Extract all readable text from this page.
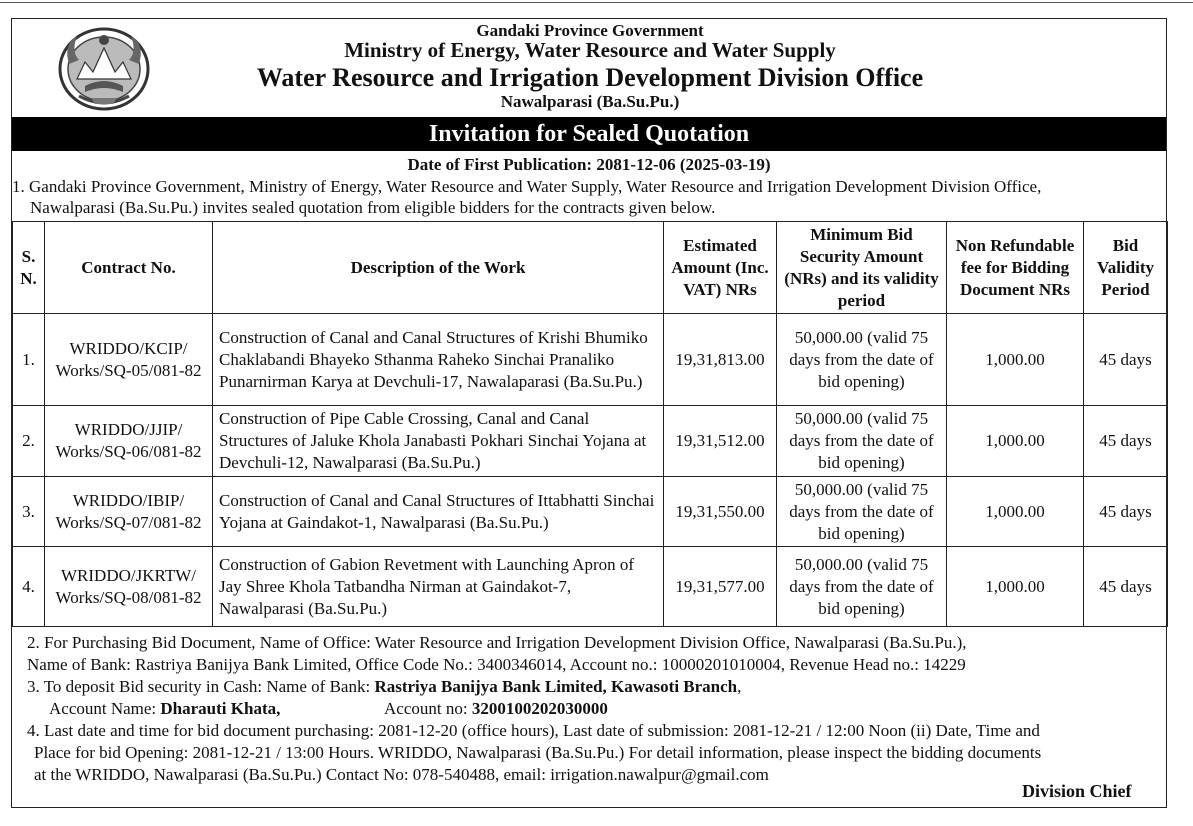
Gandaki Province Government
Ministry of Energy, Water Resource and Water Supply
Water Resource and Irrigation Development Division Office
Nawalparasi (Ba.Su.Pu.)
Invitation for Sealed Quotation
Date of First Publication: 2081-12-06 (2025-03-19)
1. Gandaki Province Government, Ministry of Energy, Water Resource and Water Supply, Water Resource and Irrigation Development Division Office,
Nawalparasi (Ba.Su.Pu.) invites sealed quotation from eligible bidders for the contracts given below.
S. N.	Contract No.	Description of the Work	Estimated Amount (Inc. VAT) NRs	Minimum Bid Security Amount (NRs) and its validity period	Non Refundable fee for Bidding Document NRs	Bid Validity Period
1.	WRIDDO/KCIP/ Works/SQ-05/081-82	Construction of Canal and Canal Structures of Krishi Bhumiko Chaklabandi Bhayeko Sthanma Raheko Sinchai Pranaliko Punarnirman Karya at Devchuli-17, Nawalaparasi (Ba.Su.Pu.)	19,31,813.00	50,000.00 (valid 75 days from the date of bid opening)	1,000.00	45 days
2.	WRIDDO/JJIP/ Works/SQ-06/081-82	Construction of Pipe Cable Crossing, Canal and Canal Structures of Jaluke Khola Janabasti Pokhari Sinchai Yojana at Devchuli-12, Nawalparasi (Ba.Su.Pu.)	19,31,512.00	50,000.00 (valid 75 days from the date of bid opening)	1,000.00	45 days
3.	WRIDDO/IBIP/ Works/SQ-07/081-82	Construction of Canal and Canal Structures of Ittabhatti Sinchai Yojana at Gaindakot-1, Nawalparasi (Ba.Su.Pu.)	19,31,550.00	50,000.00 (valid 75 days from the date of bid opening)	1,000.00	45 days
4.	WRIDDO/JKRTW/ Works/SQ-08/081-82	Construction of Gabion Revetment with Launching Apron of Jay Shree Khola Tatbandha Nirman at Gaindakot-7, Nawalparasi (Ba.Su.Pu.)	19,31,577.00	50,000.00 (valid 75 days from the date of bid opening)	1,000.00	45 days
2. For Purchasing Bid Document, Name of Office: Water Resource and Irrigation Development Division Office, Nawalparasi (Ba.Su.Pu.),
Name of Bank: Rastriya Banijya Bank Limited, Office Code No.: 3400346014, Account no.: 10000201010004, Revenue Head no.: 14229
3. To deposit Bid security in Cash: Name of Bank: Rastriya Banijya Bank Limited, Kawasoti Branch,
Account Name: Dharauti Khata,	Account no: 3200100202030000
4. Last date and time for bid document purchasing: 2081-12-20 (office hours), Last date of submission: 2081-12-21 / 12:00 Noon (ii) Date, Time and
Place for bid Opening: 2081-12-21 / 13:00 Hours. WRIDDO, Nawalparasi (Ba.Su.Pu.) For detail information, please inspect the bidding documents
at the WRIDDO, Nawalparasi (Ba.Su.Pu.) Contact No: 078-540488, email: irrigation.nawalpur@gmail.com
Division Chief
